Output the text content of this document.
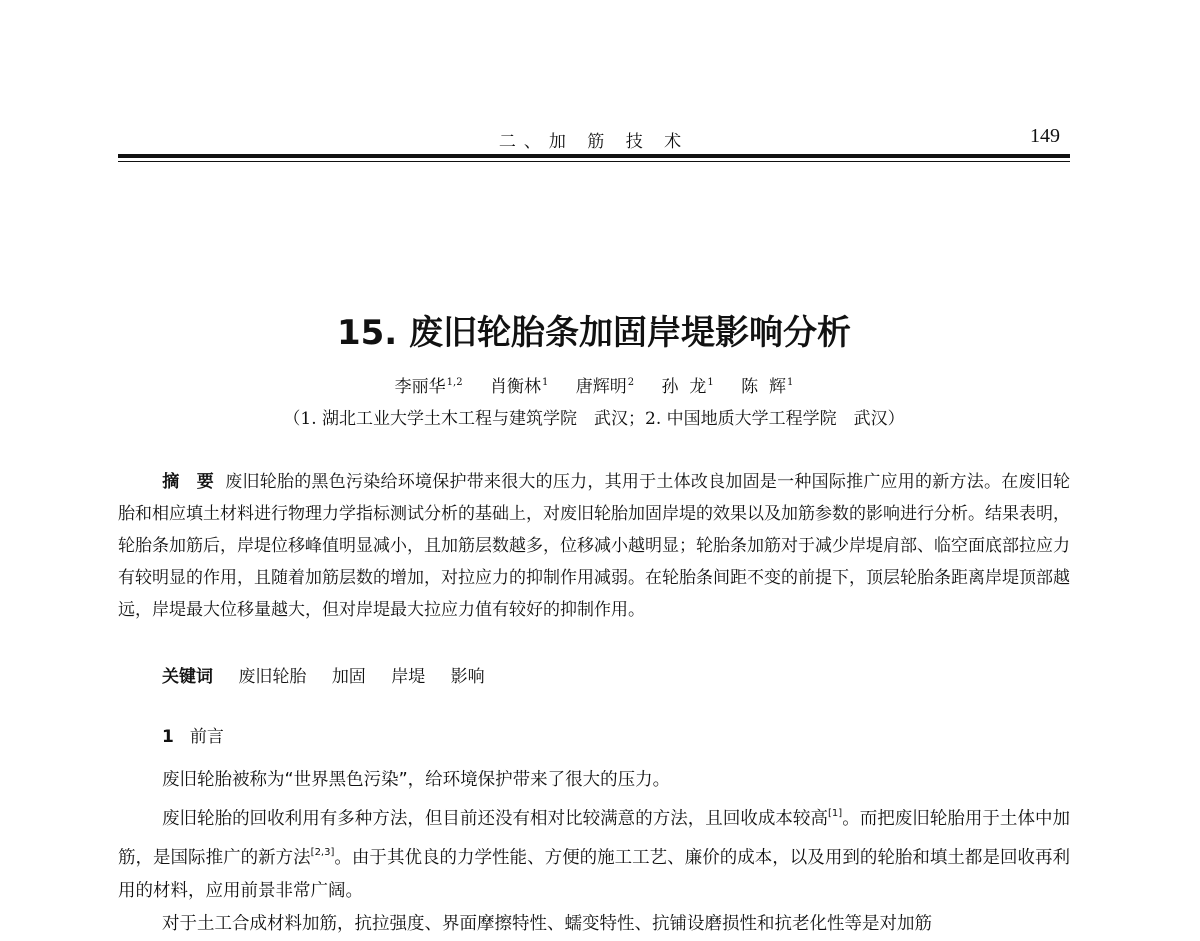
二、加 筋 技 术	149
15. 废旧轮胎条加固岸堤影响分析
李丽华$^{1,2}$ 肖衡林$^1$ 唐辉明$^2$ 孙  龙$^1$ 陈  辉$^1$
（1. 湖北工业大学土木工程与建筑学院　武汉；2. 中国地质大学工程学院　武汉）
摘　要 废旧轮胎的黑色污染给环境保护带来很大的压力，其用于土体改良加固是一种国际推广应用的新方法。在废旧轮胎和相应填土材料进行物理力学指标测试分析的基础上，对废旧轮胎加固岸堤的效果以及加筋参数的影响进行分析。结果表明，轮胎条加筋后，岸堤位移峰值明显减小，且加筋层数越多，位移减小越明显；轮胎条加筋对于减少岸堤肩部、临空面底部拉应力有较明显的作用，且随着加筋层数的增加，对拉应力的抑制作用减弱。在轮胎条间距不变的前提下，顶层轮胎条距离岸堤顶部越远，岸堤最大位移量越大，但对岸堤最大拉应力值有较好的抑制作用。
关键词 废旧轮胎 加固 岸堤 影响
1 前言

废旧轮胎被称为“世界黑色污染”，给环境保护带来了很大的压力。

废旧轮胎的回收利用有多种方法，但目前还没有相对比较满意的方法，且回收成本较高[1]。而把废旧轮胎用于土体中加筋，是国际推广的新方法[2,3]。由于其优良的力学性能、方便的施工工艺、廉价的成本，以及用到的轮胎和填土都是回收再利用的材料，应用前景非常广阔。

对于土工合成材料加筋，抗拉强度、界面摩擦特性、蠕变特性、抗铺设磨损性和抗老化性等是对加筋
